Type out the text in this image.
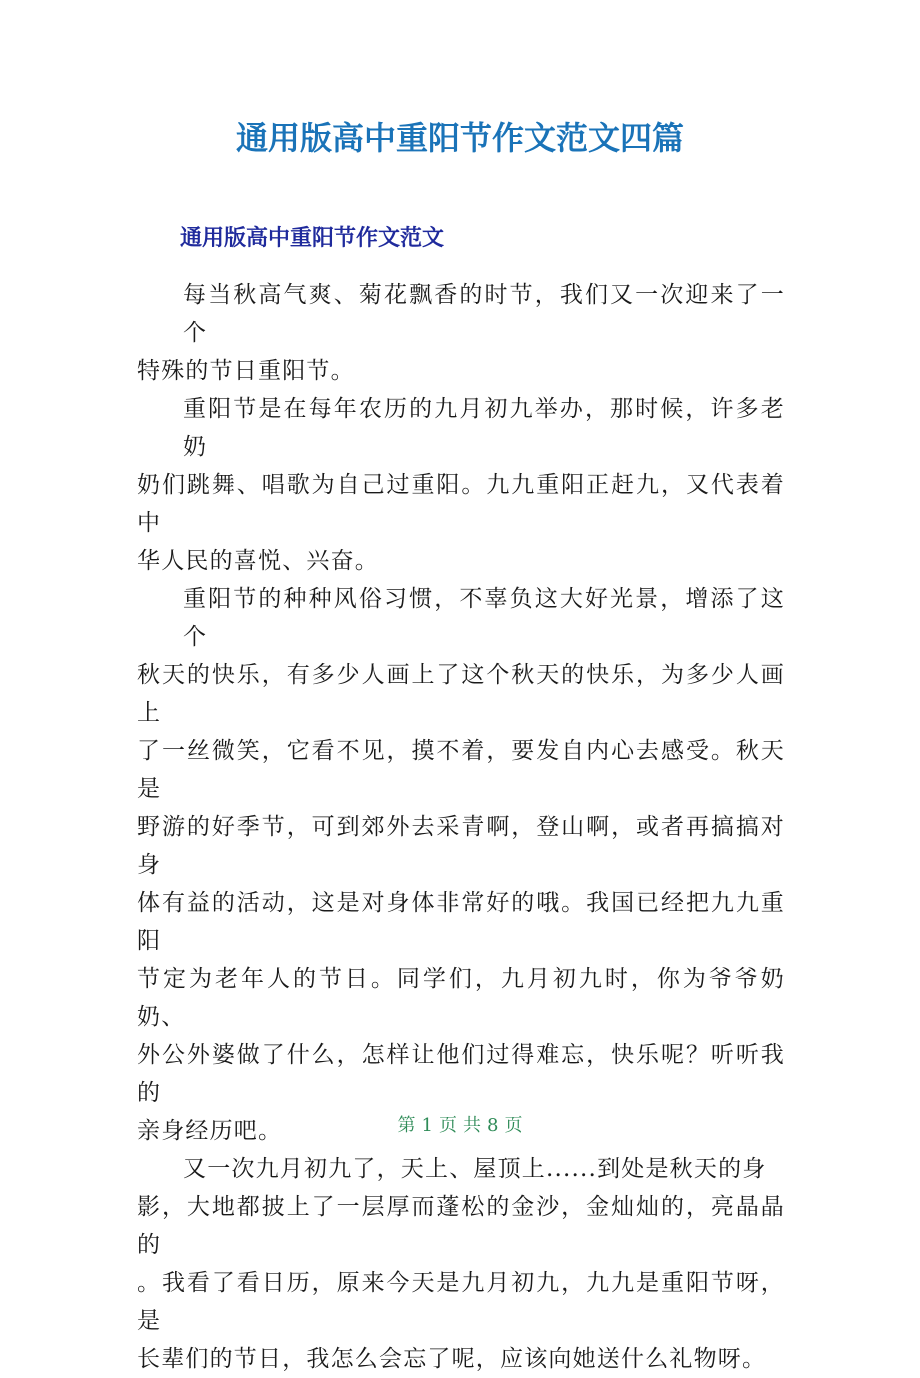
通用版高中重阳节作文范文四篇
通用版高中重阳节作文范文

每当秋高气爽、菊花飘香的时节，我们又一次迎来了一个
特殊的节日重阳节。

重阳节是在每年农历的九月初九举办，那时候，许多老奶
奶们跳舞、唱歌为自己过重阳。九九重阳正赶九，又代表着中
华人民的喜悦、兴奋。

重阳节的种种风俗习惯，不辜负这大好光景，增添了这个
秋天的快乐，有多少人画上了这个秋天的快乐，为多少人画上
了一丝微笑，它看不见，摸不着，要发自内心去感受。秋天是
野游的好季节，可到郊外去采青啊，登山啊，或者再搞搞对身
体有益的活动，这是对身体非常好的哦。我国已经把九九重阳
节定为老年人的节日。同学们，九月初九时，你为爷爷奶奶、
外公外婆做了什么，怎样让他们过得难忘，快乐呢？听听我的
亲身经历吧。

又一次九月初九了，天上、屋顶上......到处是秋天的身
影，大地都披上了一层厚而蓬松的金沙，金灿灿的，亮晶晶的
。我看了看日历，原来今天是九月初九，九九是重阳节呀，是
长辈们的节日，我怎么会忘了呢，应该向她送什么礼物呀。

第 1 页 共 8 页
